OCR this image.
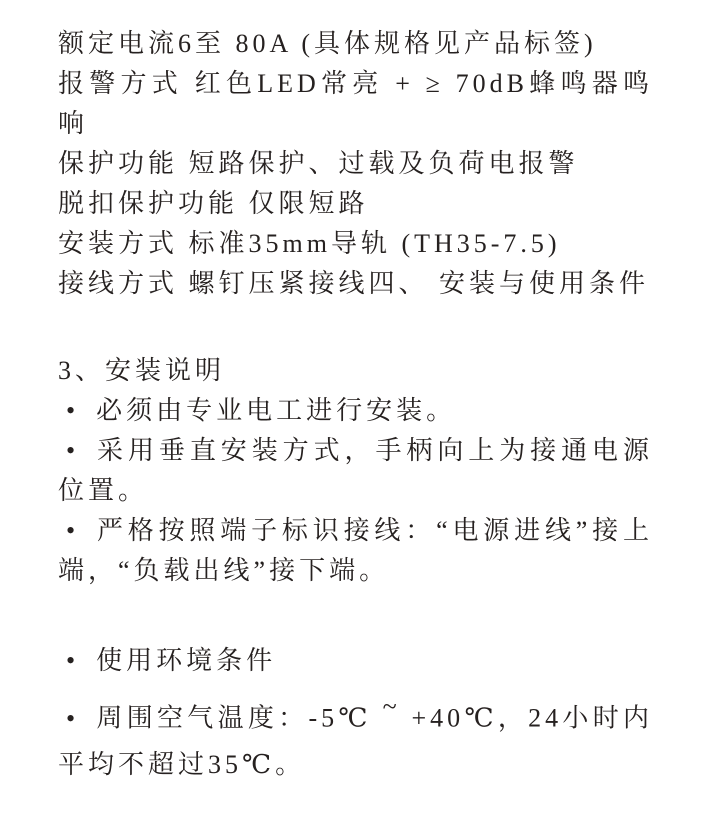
额定电流6至 80A (具体规格见产品标签)

报警方式 红色LED常亮 + ≥ 70dB蜂鸣器鸣响

保护功能 短路保护、过载及负荷电报警

脱扣保护功能 仅限短路

安装方式 标准35mm导轨 (TH35-7.5)

接线方式 螺钉压紧接线四、 安装与使用条件

3、安装说明

• 必须由专业电工进行安装。

• 采用垂直安装方式，手柄向上为接通电源位置。

• 严格按照端子标识接线：“电源进线”接上端，“负载出线”接下端。

• 使用环境条件

• 周围空气温度：-5℃ ~ +40℃，24小时内平均不超过35℃。
